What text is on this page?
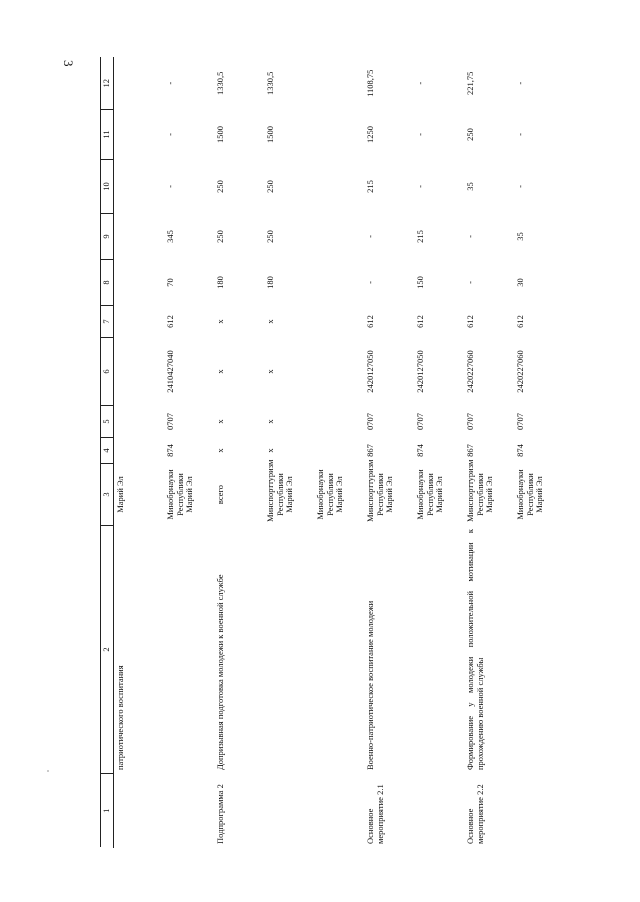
3
1	2	3	4	5	6	7	8	9	10	11	12
	патриотического воспитания	Марий Эл									
		Минобрнауки Республики Марий Эл	874	0707	2410427040	612	70	345	-	-	-
Подпрограмма 2	Допризывная подготовка молодежи к военной службе	всего	х	х	х	х	180	250	250	1500	1330,5
		Минспорттуризм Республики Марий Эл	х	х	х	х	180	250	250	1500	1330,5
		Минобрнауки Республики Марий Эл									
Основное мероприятие 2.1	Военно-патриотическое воспитание молодежи	Минспорттуризм Республики Марий Эл	867	0707	2420127050	612	-	-	215	1250	1108,75
		Минобрнауки Республики Марий Эл	874	0707	2420127050	612	150	215	-	-	-
Основное мероприятие 2.2	Формирование у молодежи положительной мотивации к прохождению военной службы	Минспорттуризм Республики Марий Эл	867	0707	2420227060	612	-	-	35	250	221,75
		Минобрнауки Республики Марий Эл	874	0707	2420227060	612	30	35	-	-	-
